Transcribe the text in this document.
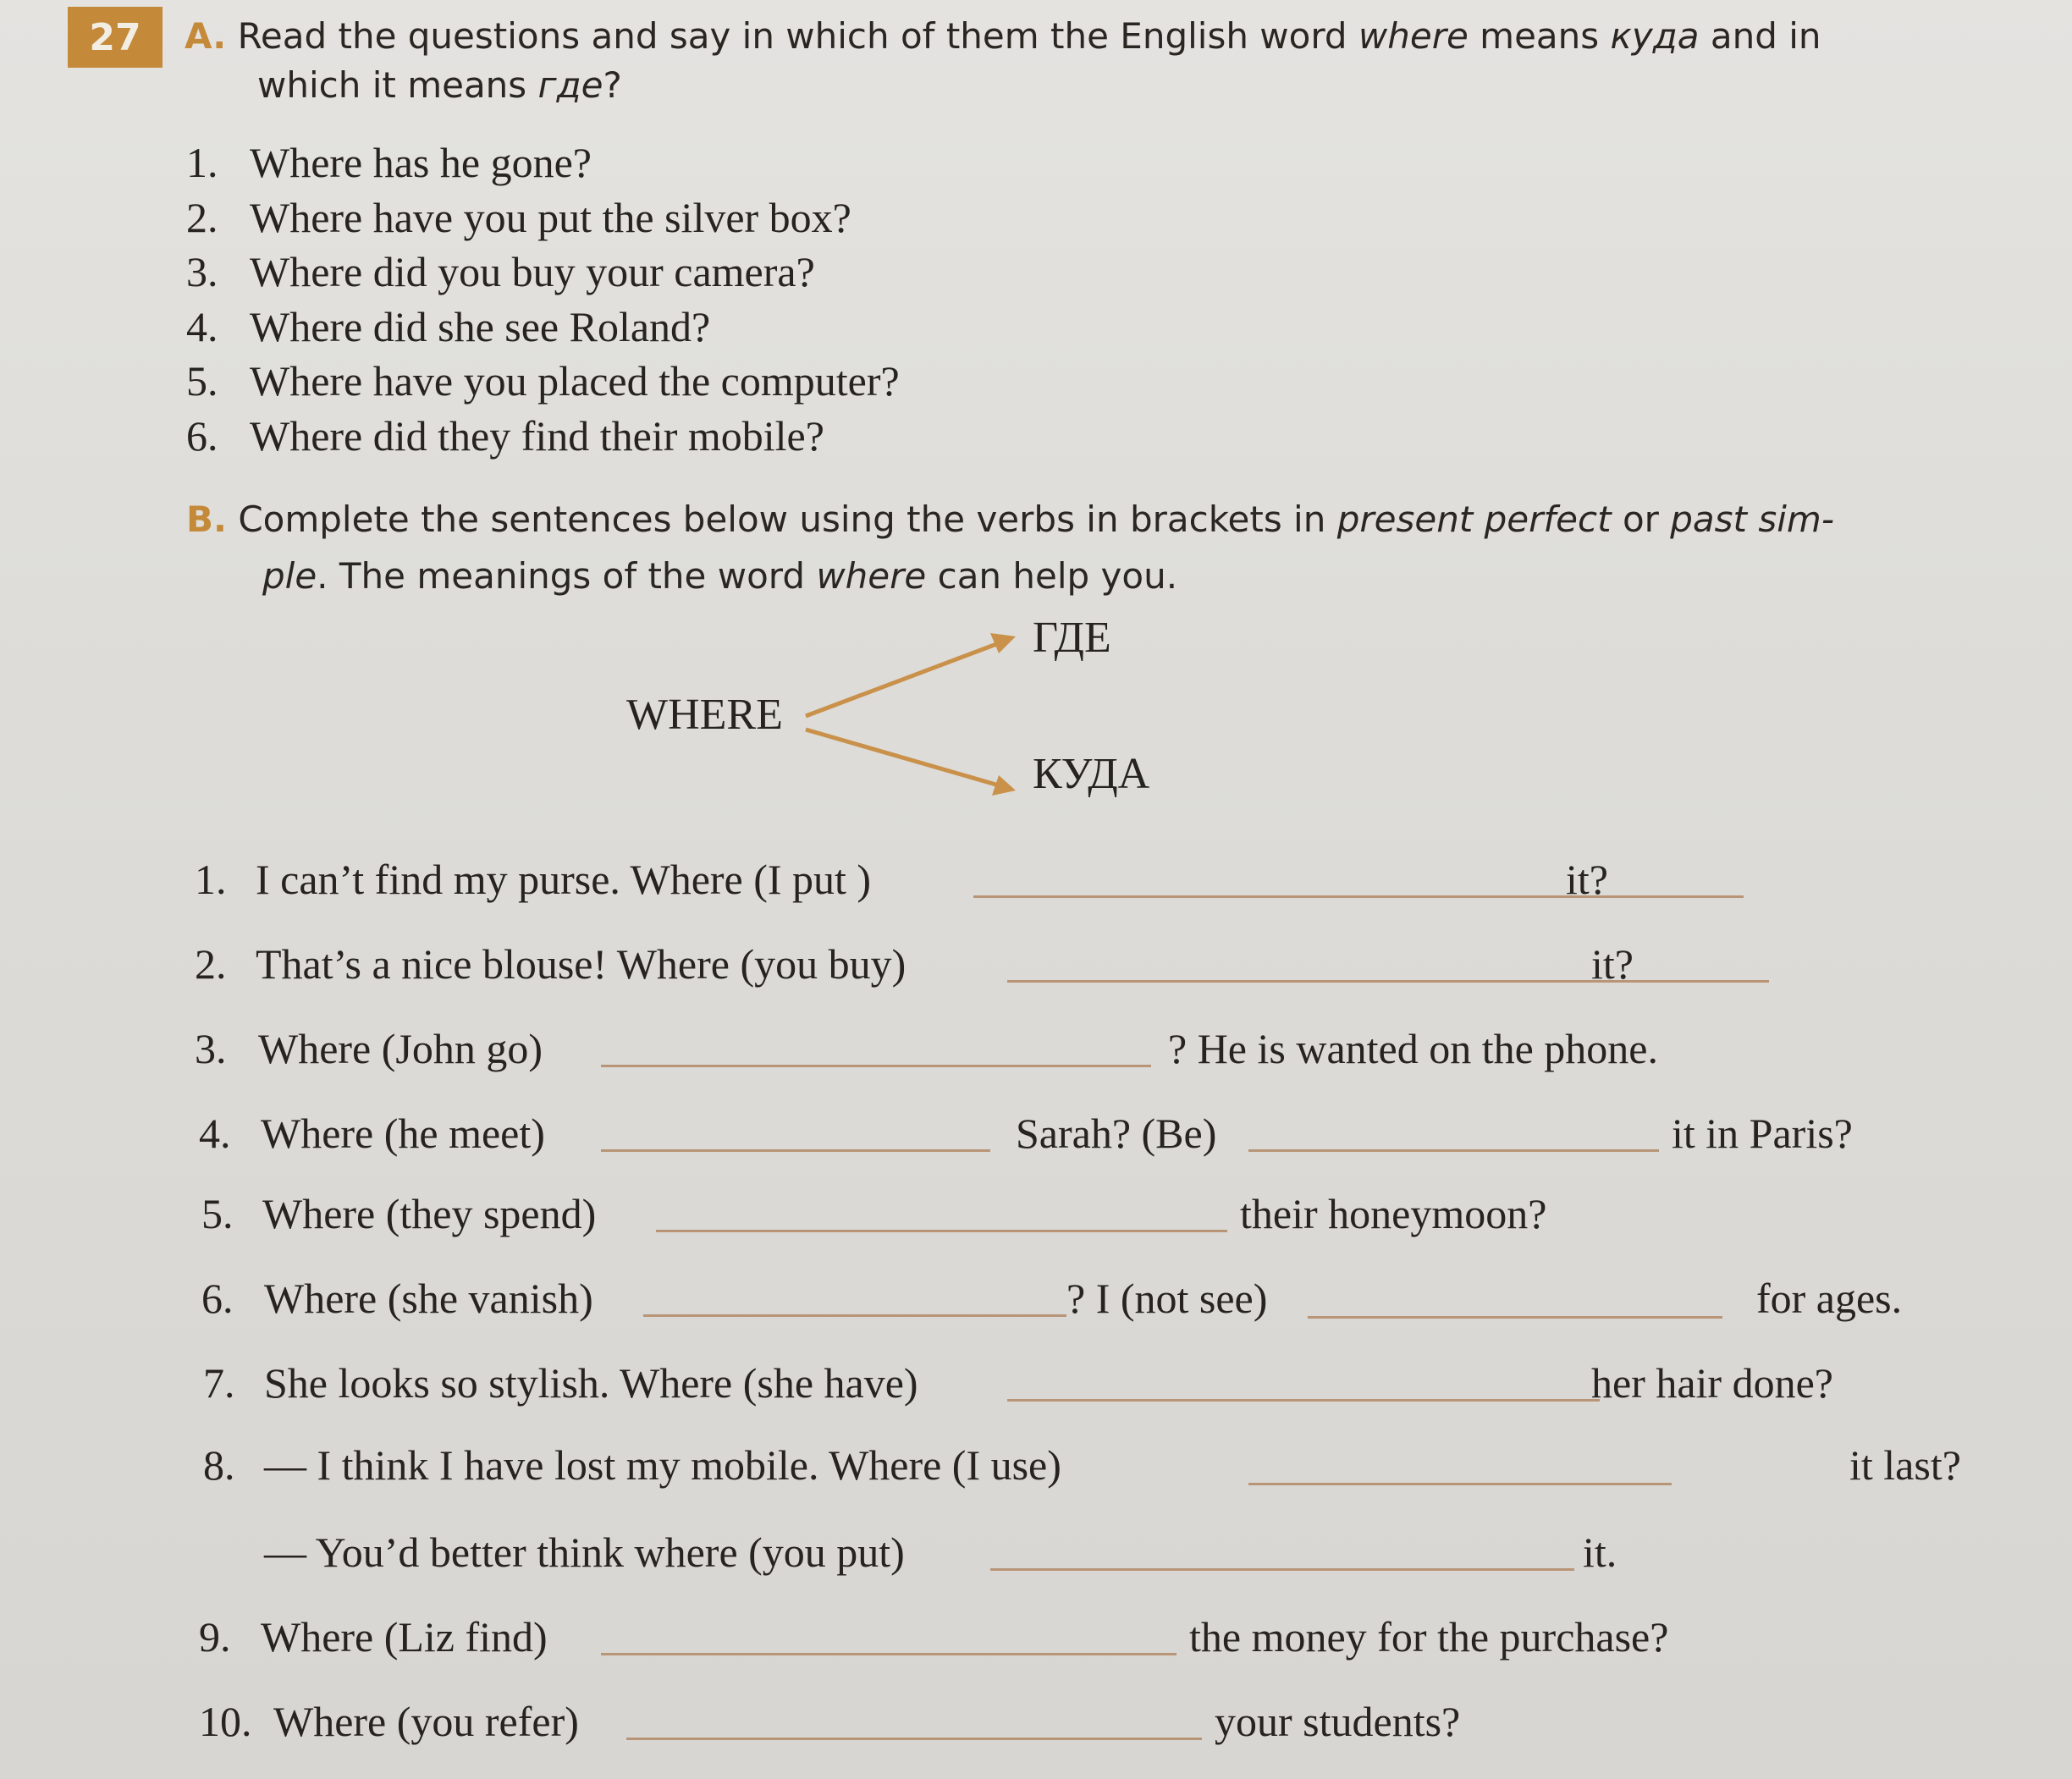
27	A. Read the questions and say in which of them the English word where means куда and in
which it means где?
1. Where has he gone?
2. Where have you put the silver box?
3. Where did you buy your camera?
4. Where did she see Roland?
5. Where have you placed the computer?
6. Where did they find their mobile?
B. Complete the sentences below using the verbs in brackets in present perfect or past sim-
ple. The meanings of the word where can help you.
WHERE
ГДЕ
КУДА
1. I can’t find my purse. Where (I put )	it?
2. That’s a nice blouse! Where (you buy)	it?
3. Where (John go)	? He is wanted on the phone.
4. Where (he meet)	Sarah? (Be)	it in Paris?
5. Where (they spend)	their honeymoon?
6. Where (she vanish)	? I (not see)	for ages.
7. She looks so stylish. Where (she have)	her hair done?
8. — I think I have lost my mobile. Where (I use)	it last?
— You’d better think where (you put)	it.
9. Where (Liz find)	the money for the purchase?
10. Where (you refer)	your students?
